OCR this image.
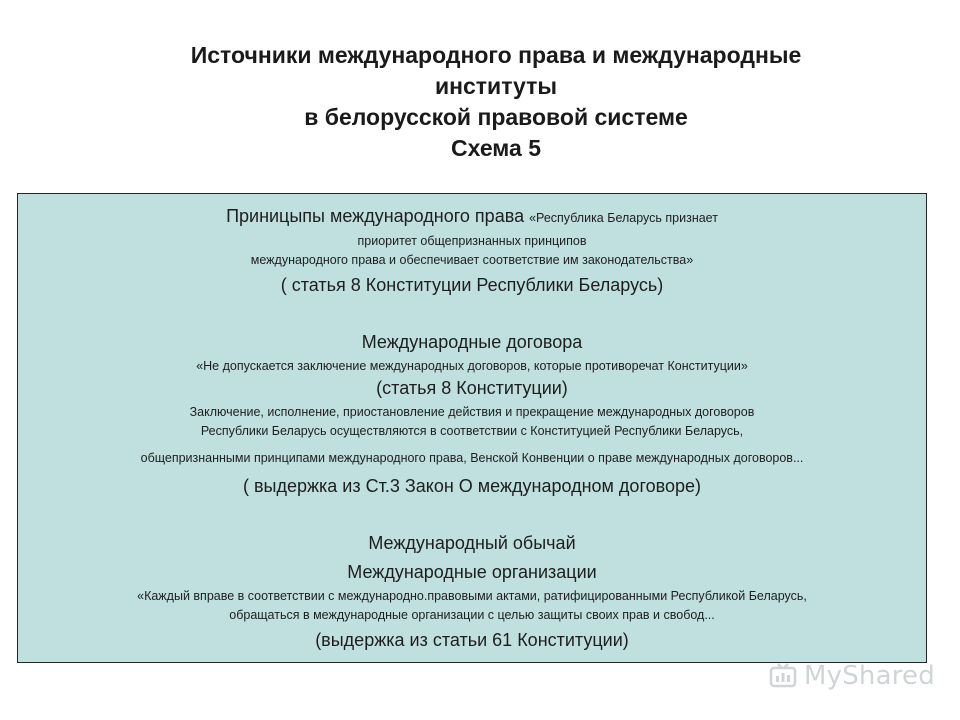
Источники международного права и международные
институты
в белорусской правовой системе
Схема 5
Приницыпы международного права «Республика Беларусь признает
приоритет общепризнанных принципов
международного права и обеспечивает соответствие им законодательства»
( статья 8 Конституции Республики Беларусь)
Международные договора
«Не допускается заключение международных договоров, которые противоречат Конституции»
(статья 8 Конституции)
Заключение, исполнение, приостановление действия и прекращение международных договоров
Республики Беларусь осуществляются в соответствии с Конституцией Республики Беларусь,
общепризнанными принципами международного права, Венской Конвенции о праве международных договоров...
( выдержка из Ст.3 Закон О международном договоре)
Международный обычай
Международные организации
«Каждый вправе в соответствии с международно.правовыми актами, ратифицированными Республикой Беларусь,
обращаться в международные организации с целью защиты своих прав и свобод...
(выдержка из статьи 61 Конституции)
MyShared
